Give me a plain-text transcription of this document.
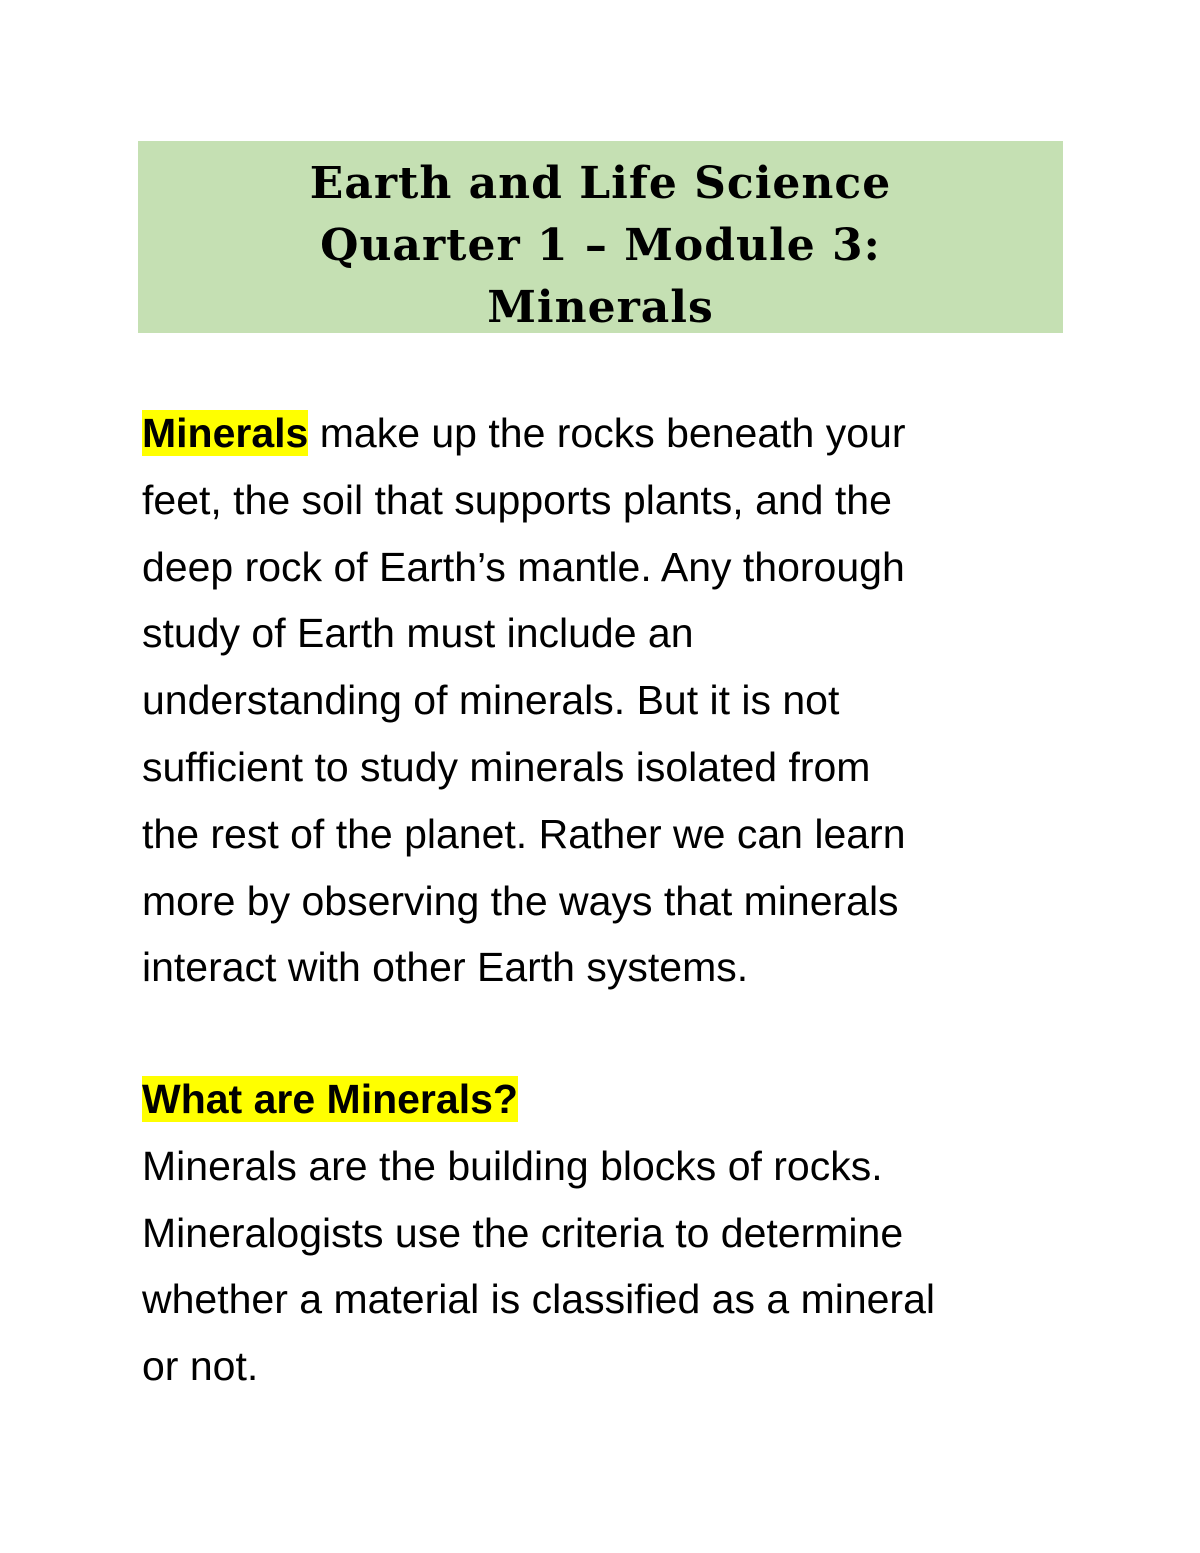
Earth and Life Science
Quarter 1 – Module 3:
Minerals

Minerals make up the rocks beneath your

feet, the soil that supports plants, and the

deep rock of Earth’s mantle. Any thorough

study of Earth must include an

understanding of minerals. But it is not

sufficient to study minerals isolated from

the rest of the planet. Rather we can learn

more by observing the ways that minerals

interact with other Earth systems.

What are Minerals?

Minerals are the building blocks of rocks.

Mineralogists use the criteria to determine

whether a material is classified as a mineral

or not.
